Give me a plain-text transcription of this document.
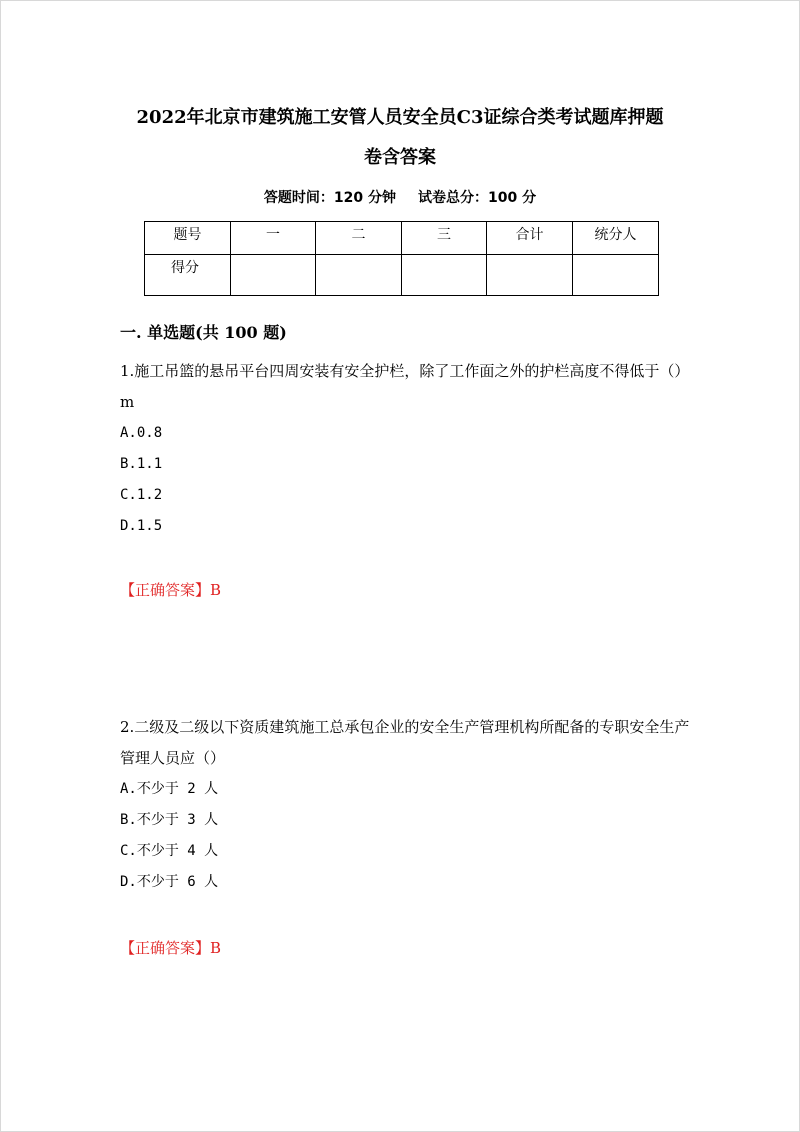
2022年北京市建筑施工安管人员安全员C3证综合类考试题库押题
卷含答案
答题时间：120 分钟 试卷总分：100 分
题号	一	二	三	合计	统分人
得分					
一. 单选题(共 100 题)

1.施工吊篮的悬吊平台四周安装有安全护栏，除了工作面之外的护栏高度不得低于（）m

A.0.8
B.1.1
C.1.2
D.1.5
【正确答案】B

2.二级及二级以下资质建筑施工总承包企业的安全生产管理机构所配备的专职安全生产管理人员应（）

A.不少于 2 人
B.不少于 3 人
C.不少于 4 人
D.不少于 6 人
【正确答案】B
